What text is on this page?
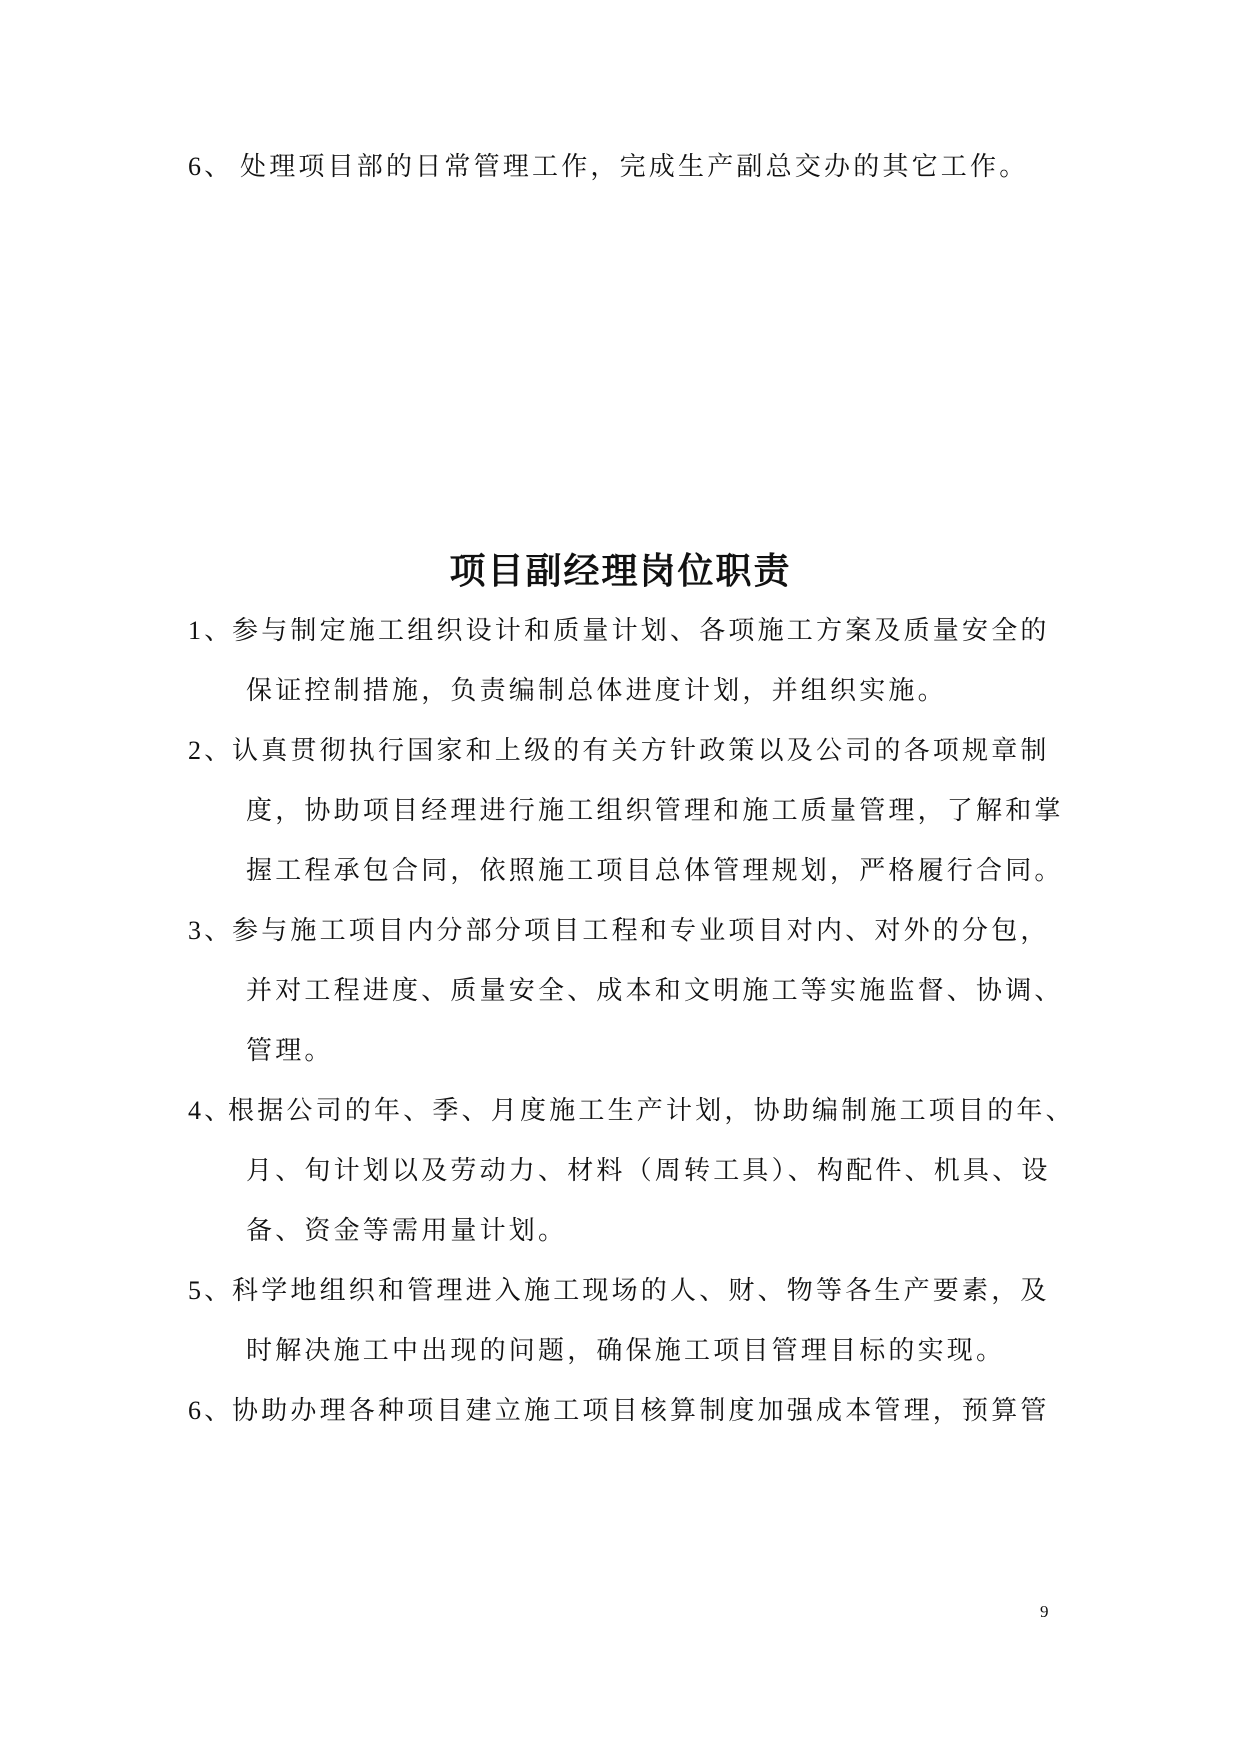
6、 处理项目部的日常管理工作，完成生产副总交办的其它工作。
项目副经理岗位职责
1、参与制定施工组织设计和质量计划、各项施工方案及质量安全的
保证控制措施，负责编制总体进度计划，并组织实施。
2、认真贯彻执行国家和上级的有关方针政策以及公司的各项规章制
度，协助项目经理进行施工组织管理和施工质量管理，了解和掌
握工程承包合同，依照施工项目总体管理规划，严格履行合同。
3、参与施工项目内分部分项目工程和专业项目对内、对外的分包，
并对工程进度、质量安全、成本和文明施工等实施监督、协调、
管理。
4、根据公司的年、季、月度施工生产计划，协助编制施工项目的年、
月、旬计划以及劳动力、材料（周转工具）、构配件、机具、设
备、资金等需用量计划。
5、科学地组织和管理进入施工现场的人、财、物等各生产要素，及
时解决施工中出现的问题，确保施工项目管理目标的实现。
6、协助办理各种项目建立施工项目核算制度加强成本管理，预算管
9
